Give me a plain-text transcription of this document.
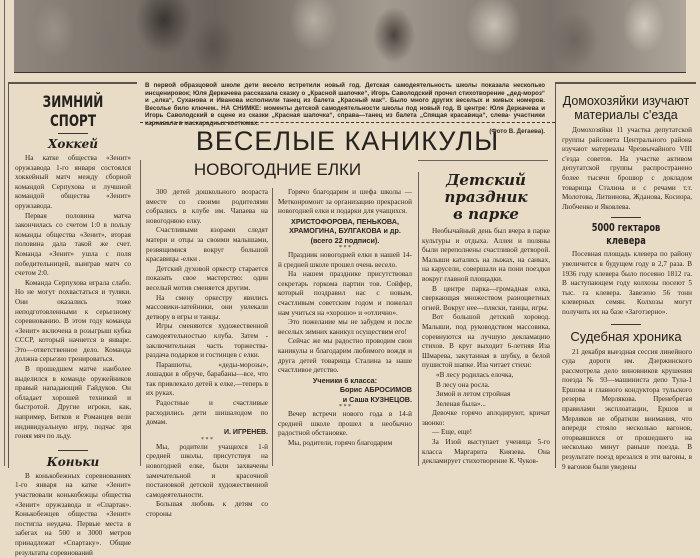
ЗИМНИЙ СПОРТ
Хоккей

На катке общества «Зенит» оружзавода 1-го января состоялся хоккейный матч между сборной командой Серпухова и лучшной командой общества «Зенит» оружзавода.

Первая половина матча закончилась со счетом 1:0 в пользу команды общества «Зенит», вторая половина дала такой же счет. Команда «Зенит» ушла с поля победительницей, выиграв матч со счетом 2:0.

Команда Серпухова играла слабо. Но не могут похвастаться и туляки. Они оказались тоже неподготовленными к серьезному соревнованию. В этом году команда «Зенит» включена в розыгрыш кубка СССР, который начнется в январе. Это—ответственное дело. Команда должна серьезно тренироваться.

В прошедшем матче наиболее выделился в команде оружейников правый нападающий Гайдуков. Он обладает хорошей техникой и быстротой. Другие игроки, как, например, Битков и Романцев вели индивидуальную игру, подчас зря гоняя мяч по льду.

Коньки

В конькобежных соревнованиях 1-го января на катке «Зенит» участвовали конькобежцы общества «Зенит» оружзавода и «Спартак». Конькобежцев общества «Зенит» постигла неудача. Первые места в забегах на 500 и 3000 метров принадлежат «Спартаку». Общие результаты соревнований

В первой образцовой школе дети весело встретили новый год. Детская самодеятельность школы показала несколько инсценировок; Юля Деркачева рассказала сказку о „Красной шапочке“, Игорь Саволодский прочел стихотворение „дед-мороз“ и „елка“, Суханова и Иванова исполнили танец из балета „Красный мак“. Было много других веселых и живых номеров. Весолье било ключем.. НА СНИМКЕ: моменты детской самодеятельности школы под новый год. В центре: Юля Деркачева и Игорь Саволодский в сцене из сказки „Красная шапочка“, справа—танец из балета „Спящая красавица“, слева- участники карнавала в маскарадных костюмах.
(Фото В. Дегаева).
ВЕСЕЛЫЕ КАНИКУЛЫ
НОВОГОДНИЕ ЕЛКИ

300 детей дошкольного возраста вместе со своими родителями собрались в клубе им. Чапаева на новогоднюю елку.

Счастливыми взорами следят матери и отцы за своими малышами, резвящимися вокруг большой красавицы -елки .

Детский духовой оркестр старается показать свое мастерство: один веселый мотив сменяется другим.

На смену оркестру явились массовики-затейники, они увлекали детвору в игры и танцы.

Игры сменяются художественной самодеятельностью клуба. Затем - заключительная часть торжества- раздача подарков и гостинцев с елки.

Парашюты, «деды-морозы», лошадки в обруче, барабаны—все, что так привлекало детей к елке,—теперь в их руках.

Радостные и счастливые расходились дети шишалодом по домам.

И. ИГРЕНЕВ.
* * *

Мы, родители учащихся 1-й средней школы, присутствуя на новогодней елке, были захвачены замечательной и красочной постановкой детской художественной самодеятельности.

Большая любовь к детям со стороны

Горячо благодарим и шефа школы —Метконромонт за организацию прекрасной новогодней елки и подарки для учащихся.

ХРИСТОФОРОВА, ПЕНЬКОВА, ХРАМОГИНА, БУЛГАКОВА и др.
(всего 22 подписи).
* * *

Праздник новогодней елки в нашей 14-й средней школе прошел очень весело.

На нашем празднике присутствовал секретарь горкома партии тов. Сойфер, который поздравил нас с новым, счастливым советским годом и пожелал нам учиться на «хорошо» и «отлично».

Это пожелание мы не забудем и после веселых зимних каникул осуществим его!

Сейчас же мы радостно проводим свои каникулы и благодарим любимого вождя и друга детей товарища Сталина за наше счастливое детство.

Ученики 6 класса:
Борис АБРОСИМОВ
и Саша КУЗНЕЦОВ.
* * *

Вечер встречи нового года в 14-й средней школе прошел в необычно радостной обстановке.

Мы, родители, горячо благодарим

Детский
праздник
в парке

Необычайный день был вчера в парке культуры и отдыха. Аллеи и поляны были переполнены счастливой детворой. Малыши катались на лыжах, на санках, на карусели, совершали на пони поездки вокруг главной площадки.

В центре парка—громадная елка, сверкающая множеством разноцветных огней. Вокруг нее—пляски, танцы, игры.

Вот большой детский хоровод. Малыши, под руководством массовика, соревнуются на лучшую декламацию стихов. В круг выходит 6-летняя Иза Шмарева, закутанная в шубку, в белой пушистой шапке. Иза читает стихи:

«В лесу родилась елочка,

В лесу она росла.

Зимой и летом стройная

Зеленая была»...

Девочке горячо аплодируют, кричат звонко:

— Еще, еще!

За Изой выступает ученица 5-го класса Маргарита Князева. Она декламирует стихотворение К. Чуков-

Домохозяйки изучают материалы с'езда

Домохозяйки 11 участка депутатской группы райсовета Центрального района изучают материалы Чрезвычайного VIII с'езда советов. На участке активом депутатской группы распространено более тысячи брошюр с докладом товарища Сталина и с речами т.т. Молотова, Литвинова, Жданова, Косиора, Любченко и Яковлева.

5000 гектаров клевера

Посевная площадь клевера по району увеличится в будущем году в 2,7 раза. В 1936 году клевера было посеяно 1812 га. В наступающем году колхозы посеют 5 тыс. га клевера. Завезено 56 тонн клеверных семян. Колхозы могут получить их на базе «Заготзерно».

Судебная хроника

21 декабря выездная сессия линейного суда дороги им. Дзержинского рассмотрела дело виновников крушения поезда № 93—машиниста депо Тула-1 Ершова и главного кондуктора тульского резерва Мерлякова. Пренебрегая правилами эксплоатации, Ершов и Мерляков не обратили внимания, что впереди стояло несколько вагонов, оторвавшихся от прошедшего на несколько минут раньше поезда. В результате поезд врезался в эти вагоны, в 9 вагонов были уведены
